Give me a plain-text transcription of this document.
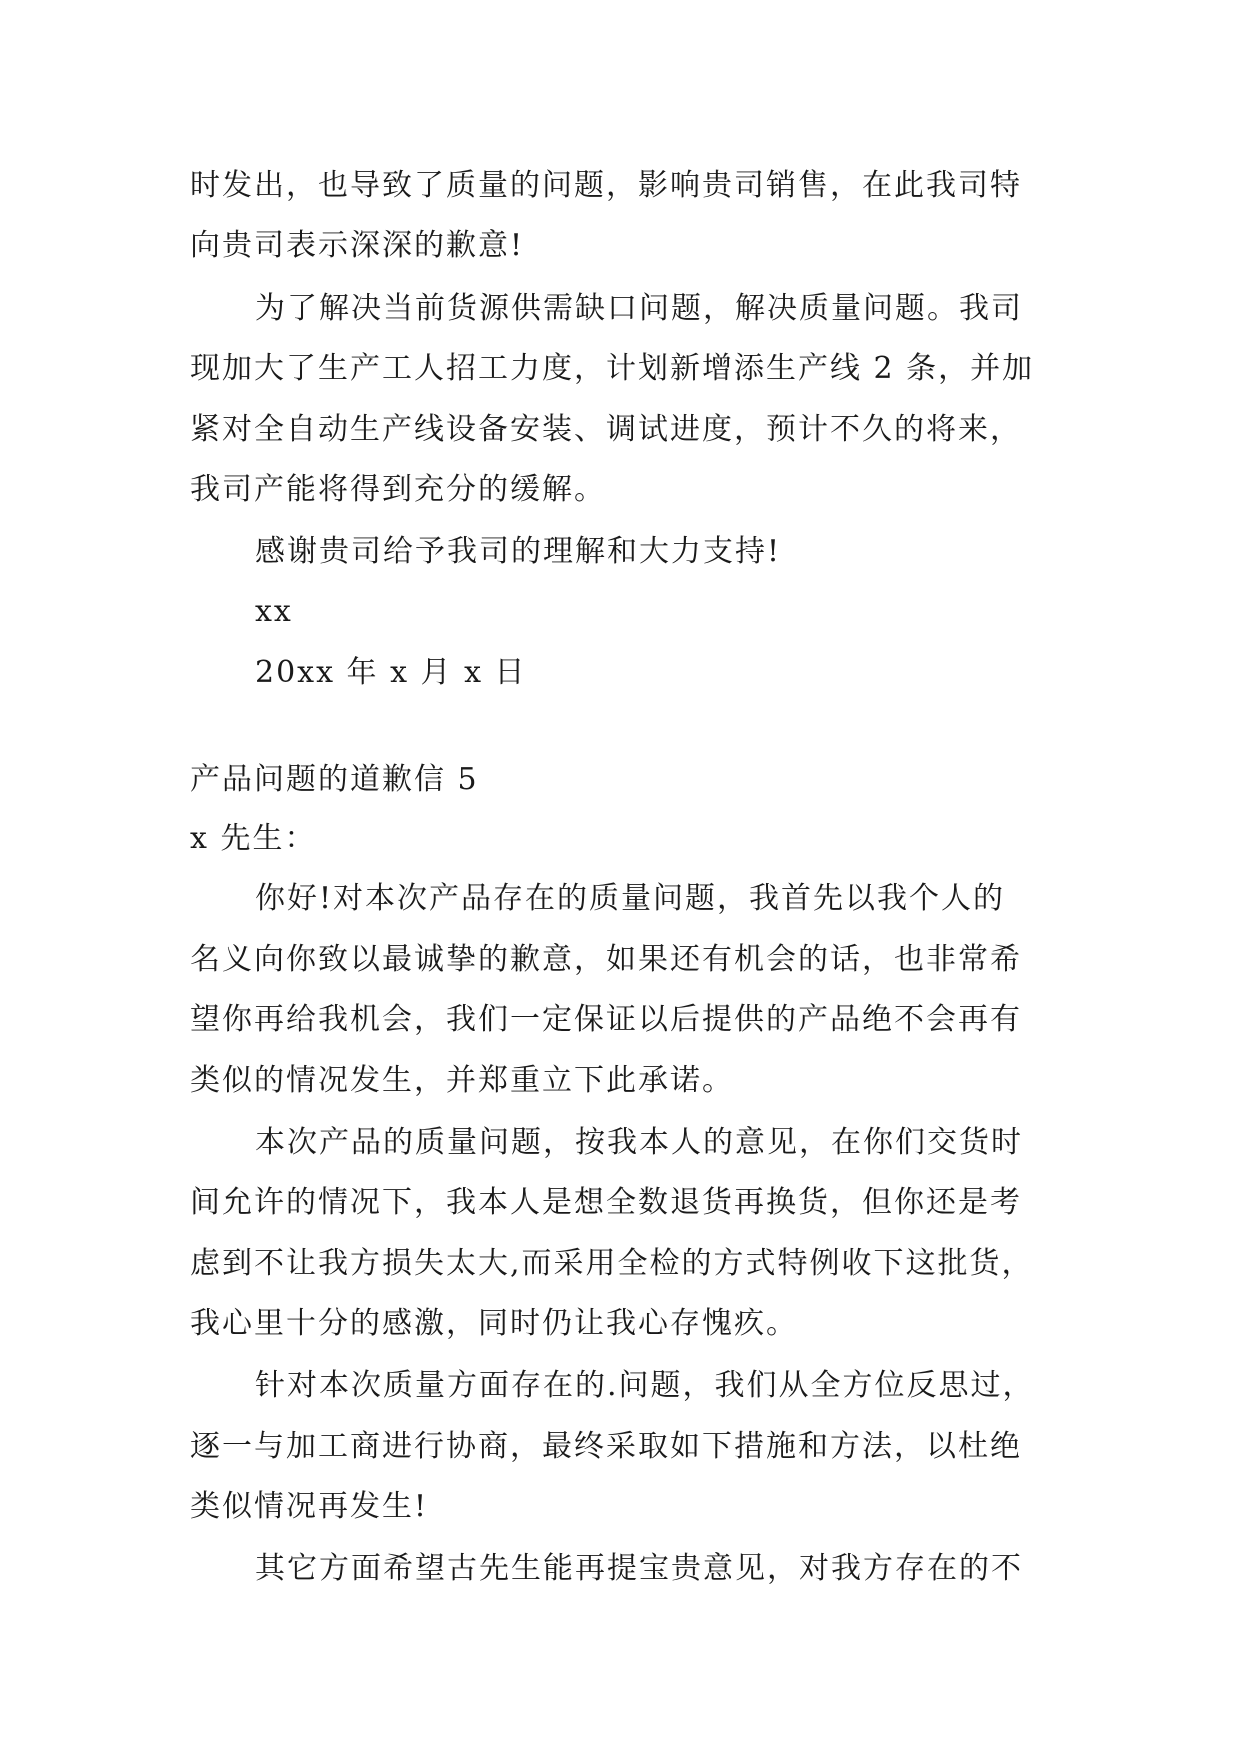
时发出，也导致了质量的问题，影响贵司销售，在此我司特
向贵司表示深深的歉意!
为了解决当前货源供需缺口问题，解决质量问题。我司
现加大了生产工人招工力度，计划新增添生产线 2 条，并加
紧对全自动生产线设备安装、调试进度，预计不久的将来，
我司产能将得到充分的缓解。
感谢贵司给予我司的理解和大力支持!
xx
20xx 年 x 月 x 日
产品问题的道歉信 5
x 先生：
你好!对本次产品存在的质量问题，我首先以我个人的
名义向你致以最诚挚的歉意，如果还有机会的话，也非常希
望你再给我机会，我们一定保证以后提供的产品绝不会再有
类似的情况发生，并郑重立下此承诺。
本次产品的质量问题，按我本人的意见，在你们交货时
间允许的情况下，我本人是想全数退货再换货，但你还是考
虑到不让我方损失太大,而采用全检的方式特例收下这批货，
我心里十分的感激，同时仍让我心存愧疚。
针对本次质量方面存在的.问题，我们从全方位反思过，
逐一与加工商进行协商，最终采取如下措施和方法，以杜绝
类似情况再发生!
其它方面希望古先生能再提宝贵意见，对我方存在的不
